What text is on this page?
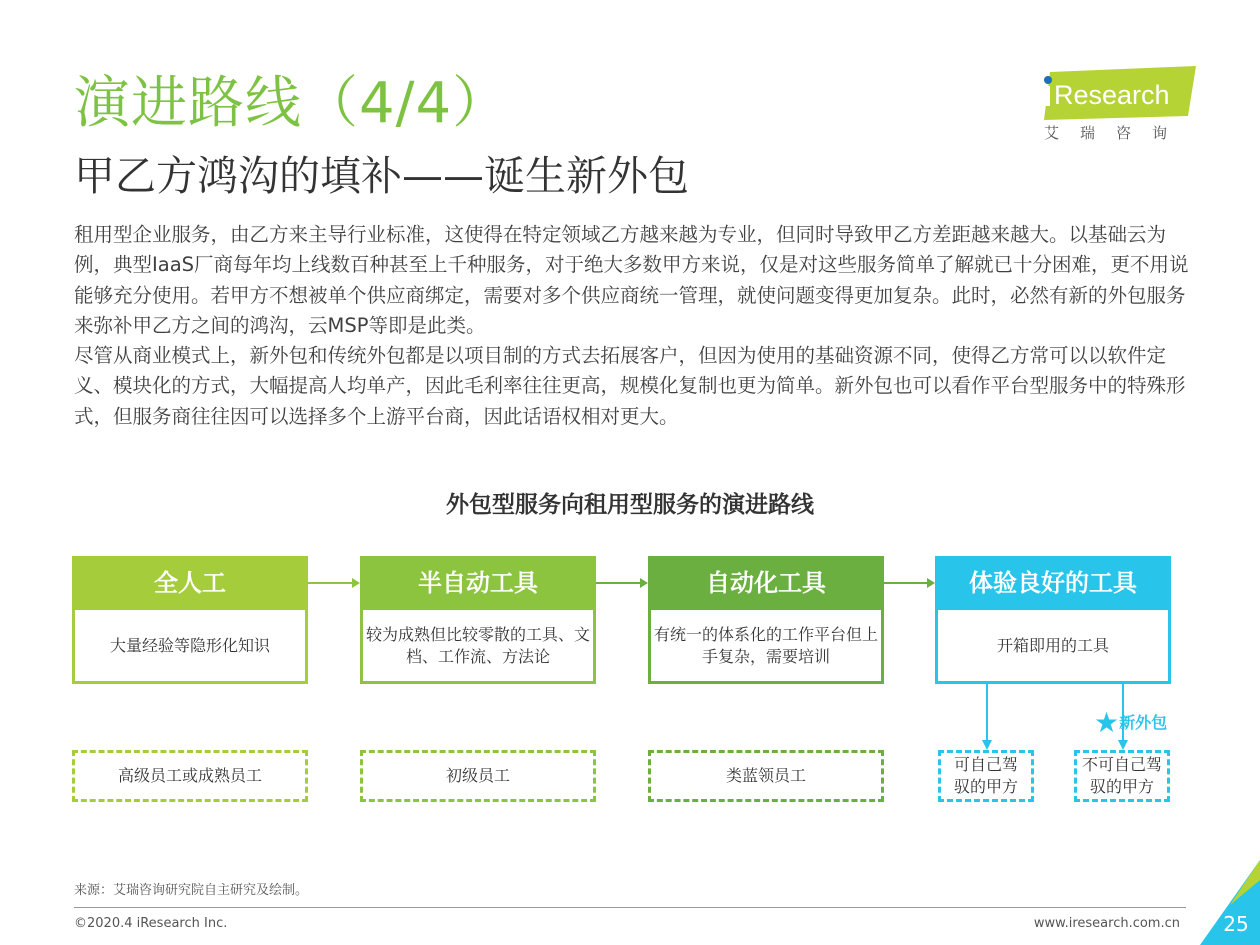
演进路线（4/4）
甲乙方鸿沟的填补——诞生新外包
Research
艾瑞咨询

租用型企业服务，由乙方来主导行业标准，这使得在特定领域乙方越来越为专业，但同时导致甲乙方差距越来越大。以基础云为例，典型IaaS厂商每年均上线数百种甚至上千种服务，对于绝大多数甲方来说，仅是对这些服务简单了解就已十分困难，更不用说能够充分使用。若甲方不想被单个供应商绑定，需要对多个供应商统一管理，就使问题变得更加复杂。此时，必然有新的外包服务来弥补甲乙方之间的鸿沟，云MSP等即是此类。

尽管从商业模式上，新外包和传统外包都是以项目制的方式去拓展客户，但因为使用的基础资源不同，使得乙方常可以以软件定义、模块化的方式，大幅提高人均单产，因此毛利率往往更高，规模化复制也更为简单。新外包也可以看作平台型服务中的特殊形式，但服务商往往因可以选择多个上游平台商，因此话语权相对更大。

外包型服务向租用型服务的演进路线
全人工
大量经验等隐形化知识
半自动工具
较为成熟但比较零散的工具、文档、工作流、方法论
自动化工具
有统一的体系化的工作平台但上手复杂，需要培训
体验良好的工具
开箱即用的工具
高级员工或成熟员工	初级员工	类蓝领员工
★新外包
可自己驾驭的甲方
不可自己驾驭的甲方
来源：艾瑞咨询研究院自主研究及绘制。
©2020.4 iResearch Inc.	www.iresearch.com.cn	25
